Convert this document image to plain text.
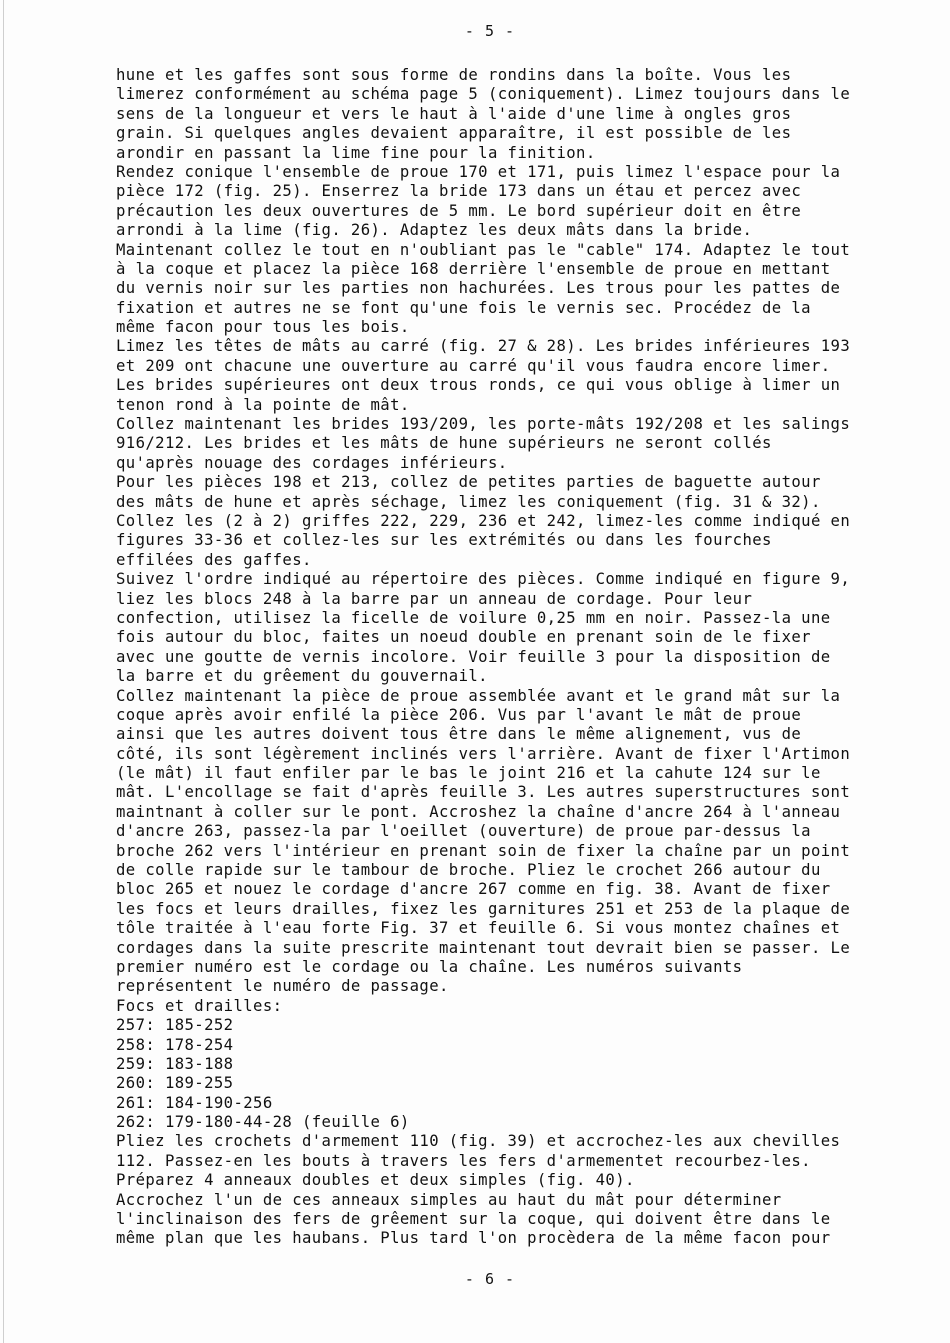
- 5 -
hune et les gaffes sont sous forme de rondins dans la boîte. Vous les
limerez conformément au schéma page 5 (coniquement). Limez toujours dans le
sens de la longueur et vers le haut à l'aide d'une lime à ongles gros
grain. Si quelques angles devaient apparaître, il est possible de les
arondir en passant la lime fine pour la finition.
Rendez conique l'ensemble de proue 170 et 171, puis limez l'espace pour la
pièce 172 (fig. 25). Enserrez la bride 173 dans un étau et percez avec
précaution les deux ouvertures de 5 mm. Le bord supérieur doit en être
arrondi à la lime (fig. 26). Adaptez les deux mâts dans la bride.
Maintenant collez le tout en n'oubliant pas le "cable" 174. Adaptez le tout
à la coque et placez la pièce 168 derrière l'ensemble de proue en mettant
du vernis noir sur les parties non hachurées. Les trous pour les pattes de
fixation et autres ne se font qu'une fois le vernis sec. Procédez de la
même facon pour tous les bois.
Limez les têtes de mâts au carré (fig. 27 & 28). Les brides inférieures 193
et 209 ont chacune une ouverture au carré qu'il vous faudra encore limer.
Les brides supérieures ont deux trous ronds, ce qui vous oblige à limer un
tenon rond à la pointe de mât.
Collez maintenant les brides 193/209, les porte-mâts 192/208 et les salings
916/212. Les brides et les mâts de hune supérieurs ne seront collés
qu'après nouage des cordages inférieurs.
Pour les pièces 198 et 213, collez de petites parties de baguette autour
des mâts de hune et après séchage, limez les coniquement (fig. 31 & 32).
Collez les (2 à 2) griffes 222, 229, 236 et 242, limez-les comme indiqué en
figures 33-36 et collez-les sur les extrémités ou dans les fourches
effilées des gaffes.
Suivez l'ordre indiqué au répertoire des pièces. Comme indiqué en figure 9,
liez les blocs 248 à la barre par un anneau de cordage. Pour leur
confection, utilisez la ficelle de voilure 0,25 mm en noir. Passez-la une
fois autour du bloc, faites un noeud double en prenant soin de le fixer
avec une goutte de vernis incolore. Voir feuille 3 pour la disposition de
la barre et du grêement du gouvernail.
Collez maintenant la pièce de proue assemblée avant et le grand mât sur la
coque après avoir enfilé la pièce 206. Vus par l'avant le mât de proue
ainsi que les autres doivent tous être dans le même alignement, vus de
côté, ils sont légèrement inclinés vers l'arrière. Avant de fixer l'Artimon
(le mât) il faut enfiler par le bas le joint 216 et la cahute 124 sur le
mât. L'encollage se fait d'après feuille 3. Les autres superstructures sont
maintnant à coller sur le pont. Accroshez la chaîne d'ancre 264 à l'anneau
d'ancre 263, passez-la par l'oeillet (ouverture) de proue par-dessus la
broche 262 vers l'intérieur en prenant soin de fixer la chaîne par un point
de colle rapide sur le tambour de broche. Pliez le crochet 266 autour du
bloc 265 et nouez le cordage d'ancre 267 comme en fig. 38. Avant de fixer
les focs et leurs drailles, fixez les garnitures 251 et 253 de la plaque de
tôle traitée à l'eau forte Fig. 37 et feuille 6. Si vous montez chaînes et
cordages dans la suite prescrite maintenant tout devrait bien se passer. Le
premier numéro est le cordage ou la chaîne. Les numéros suivants
représentent le numéro de passage.
Focs et drailles:
257: 185-252
258: 178-254
259: 183-188
260: 189-255
261: 184-190-256
262: 179-180-44-28 (feuille 6)
Pliez les crochets d'armement 110 (fig. 39) et accrochez-les aux chevilles
112. Passez-en les bouts à travers les fers d'armementet recourbez-les.
Préparez 4 anneaux doubles et deux simples (fig. 40).
Accrochez l'un de ces anneaux simples au haut du mât pour déterminer
l'inclinaison des fers de grêement sur la coque, qui doivent être dans le
même plan que les haubans. Plus tard l'on procèdera de la même facon pour
- 6 -
